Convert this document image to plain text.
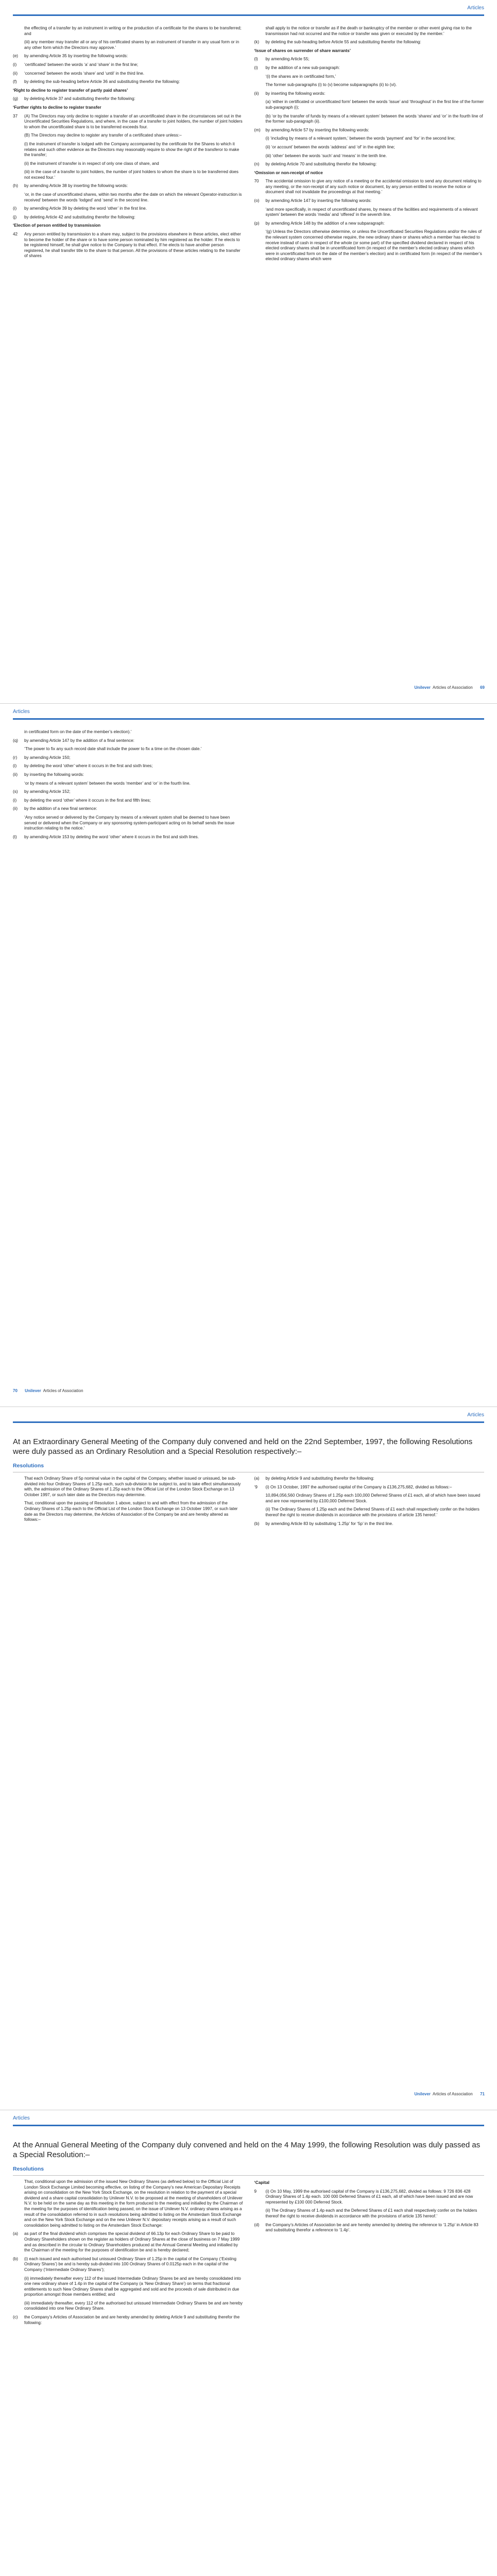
Articles
the effecting of a transfer by an instrument in writing or the production of a certificate for the shares to be transferred; and
(iii) any member may transfer all or any of his certificated shares by an instrument of transfer in any usual form or in any other form which the Directors may approve.’
(e)	by amending Article 35 by inserting the following words:
(i)	‘certificated’ between the words ‘a’ and ‘share’ in the first line;
(ii)	‘concerned’ between the words ‘share’ and ‘until’ in the third line.
(f)	by deleting the sub-heading before Article 36 and substituting therefor the following:
‘Right to decline to register transfer of partly paid shares’
(g)	by deleting Article 37 and substituting therefor the following:
‘Further rights to decline to register transfer
37	(A) The Directors may only decline to register a transfer of an uncertificated share in the circumstances set out in the Uncertificated Securities Regulations, and where, in the case of a transfer to joint holders, the number of joint holders to whom the uncertificated share is to be transferred exceeds four.
(B) The Directors may decline to register any transfer of a certificated share unless:–
(i) the instrument of transfer is lodged with the Company accompanied by the certificate for the Shares to which it relates and such other evidence as the Directors may reasonably require to show the right of the transferor to make the transfer;
(ii) the instrument of transfer is in respect of only one class of share, and
(iii) in the case of a transfer to joint holders, the number of joint holders to whom the share is to be transferred does not exceed four.’
(h)	by amending Article 38 by inserting the following words:
‘or, in the case of uncertificated shares, within two months after the date on which the relevant Operator-instruction is received’ between the words ‘lodged’ and ‘send’ in the second line.
(i)	by amending Article 39 by deleting the word ‘other’ in the first line.
(j)	by deleting Article 42 and substituting therefor the following:
‘Election of person entitled by transmission
42	Any person entitled by transmission to a share may, subject to the provisions elsewhere in these articles, elect either to become the holder of the share or to have some person nominated by him registered as the holder. If he elects to be registered himself, he shall give notice to the Company to that effect. If he elects to have another person registered, he shall transfer title to the share to that person. All the provisions of these articles relating to the transfer of shares
shall apply to the notice or transfer as if the death or bankruptcy of the member or other event giving rise to the transmission had not occurred and the notice or transfer was given or executed by the member.’
(k)	by deleting the sub-heading before Article 55 and substituting therefor the following:
‘Issue of shares on surrender of share warrants’
(l)	by amending Article 55;
(i)	by the addition of a new sub-paragraph:
‘(i) the shares are in certificated form,’
The former sub-paragraphs (i) to (v) become subparagraphs (ii) to (vi).
(ii)	by inserting the following words:
(a) ‘either in certificated or uncertificated form’ between the words ‘issue’ and ‘throughout’ in the first line of the former sub-paragraph (i);
(b) ‘or by the transfer of funds by means of a relevant system’ between the words ‘shares’ and ‘or’ in the fourth line of the former sub-paragraph (ii).
(m)	by amending Article 57 by inserting the following words:
(i) ‘including by means of a relevant system,’ between the words ‘payment’ and ‘for’ in the second line;
(ii) ‘or account’ between the words ‘address’ and ‘of’ in the eighth line;
(iii) ‘other’ between the words ‘such’ and ‘means’ in the tenth line.
(n)	by deleting Article 70 and substituting therefor the following:
‘Omission or non-receipt of notice
70	The accidental omission to give any notice of a meeting or the accidental omission to send any document relating to any meeting, or the non-receipt of any such notice or document, by any person entitled to receive the notice or document shall not invalidate the proceedings at that meeting.’
(o)	by amending Article 147 by inserting the following words:
‘and more specifically, in respect of uncertificated shares, by means of the facilities and requirements of a relevant system’ between the words ‘media’ and ‘offered’ in the seventh line.
(p)	by amending Article 148 by the addition of a new subparagraph:
‘(g) Unless the Directors otherwise determine, or unless the Uncertificated Securities Regulations and/or the rules of the relevant system concerned otherwise require, the new ordinary share or shares which a member has elected to receive instead of cash in respect of the whole (or some part) of the specified dividend declared in respect of his elected ordinary shares shall be in uncertificated form (in respect of the member’s elected ordinary shares which were in uncertificated form on the date of the member’s election) and in certificated form (in respect of the member’s elected ordinary shares which were
Unilever Articles of Association 69
Articles
in certificated form on the date of the member’s election).’
(q)	by amending Article 147 by the addition of a final sentence:
‘The power to fix any such record date shall include the power to fix a time on the chosen date.’
(r)	by amending Article 150;
(i)	by deleting the word ‘other’ where it occurs in the first and sixth lines;
(ii)	by inserting the following words:
‘or by means of a relevant system’ between the words ‘member’ and ‘or’ in the fourth line.
(s)	by amending Article 152;
(i)	by deleting the word ‘other’ where it occurs in the first and fifth lines;
(ii)	by the addition of a new final sentence:
‘Any notice served or delivered by the Company by means of a relevant system shall be deemed to have been served or delivered when the Company or any sponsoring system-participant acting on its behalf sends the issue instruction relating to the notice.’
(t)	by amending Article 153 by deleting the word ‘other’ where it occurs in the first and sixth lines.
70 Unilever Articles of Association
Articles
At an Extraordinary General Meeting of the Company duly convened and held on the 22nd September, 1997, the following Resolutions were duly passed as an Ordinary Resolution and a Special Resolution respectively:–
Resolutions
That each Ordinary Share of 5p nominal value in the capital of the Company, whether issued or unissued, be sub-divided into four Ordinary Shares of 1.25p each, such sub-division to be subject to, and to take effect simultaneously with, the admission of the Ordinary Shares of 1.25p each to the Official List of the London Stock Exchange on 13 October 1997, or such later date as the Directors may determine.
That, conditional upon the passing of Resolution 1 above, subject to and with effect from the admission of the Ordinary Shares of 1.25p each to the Official List of the London Stock Exchange on 13 October 1997, or such later date as the Directors may determine, the Articles of Association of the Company be and are hereby altered as follows:–
(a)	by deleting Article 9 and substituting therefor the following:
‘9	(i) On 13 October, 1997 the authorised capital of the Company is £136,275,682, divided as follows:–
10,894,056,560 Ordinary Shares of 1.25p each 100,000 Deferred Shares of £1 each, all of which have been issued and are now represented by £100,000 Deferred Stock.
(ii) The Ordinary Shares of 1.25p each and the Deferred Shares of £1 each shall respectively confer on the holders thereof the right to receive dividends in accordance with the provisions of article 135 hereof.’
(b)	by amending Article 83 by substituting ‘1.25p’ for ‘5p’ in the third line.
Unilever Articles of Association 71
Articles
At the Annual General Meeting of the Company duly convened and held on the 4 May 1999, the following Resolution was duly passed as a Special Resolution:–
Resolutions
That, conditional upon the admission of the issued New Ordinary Shares (as defined below) to the Official List of London Stock Exchange Limited becoming effective, on listing of the Company’s new American Depositary Receipts arising on consolidation on the New York Stock Exchange, on the resolution in relation to the payment of a special dividend and a share capital consolidation by Unilever N.V. to be proposed at the meeting of shareholders of Unilever N.V. to be held on the same day as this meeting in the form produced to the meeting and initialled by the Chairman of the meeting for the purposes of identification being passed, on the issue of Unilever N.V. ordinary shares arising as a result of the consolidation referred to in such resolutions being admitted to listing on the Amsterdam Stock Exchange and on the New York Stock Exchange and on the new Unilever N.V. depositary receipts arising as a result of such consolidation being admitted to listing on the Amsterdam Stock Exchange:
(a)	as part of the final dividend which comprises the special dividend of 66.13p for each Ordinary Share to be paid to Ordinary Shareholders shown on the register as holders of Ordinary Shares at the close of business on 7 May 1999 and as described in the circular to Ordinary Shareholders produced at the Annual General Meeting and initialled by the Chairman of the meeting for the purposes of identification be and is hereby declared;
(b)	(i) each issued and each authorised but unissued Ordinary Share of 1.25p in the capital of the Company (‘Existing Ordinary Shares’) be and is hereby sub-divided into 100 Ordinary Shares of 0.0125p each in the capital of the Company (‘Intermediate Ordinary Shares’);
(ii) immediately thereafter every 112 of the issued Intermediate Ordinary Shares be and are hereby consolidated into one new ordinary share of 1.4p in the capital of the Company (a ‘New Ordinary Share’) on terms that fractional entitlements to such New Ordinary Shares shall be aggregated and sold and the proceeds of sale distributed in due proportion amongst those members entitled; and
(iii) immediately thereafter, every 112 of the authorised but unissued Intermediate Ordinary Shares be and are hereby consolidated into one New Ordinary Share.
(c)	the Company’s Articles of Association be and are hereby amended by deleting Article 9 and substituting therefor the following:
‘Capital
9	(i) On 10 May, 1999 the authorised capital of the Company is £136,275,682, divided as follows: 9 726 836 428 Ordinary Shares of 1.4p each. 100 000 Deferred Shares of £1 each, all of which have been issued and are now represented by £100 000 Deferred Stock.
(ii) The Ordinary Shares of 1.4p each and the Deferred Shares of £1 each shall respectively confer on the holders thereof the right to receive dividends in accordance with the provisions of article 135 hereof.’
(d)	the Company’s Articles of Association be and are hereby amended by deleting the reference to ‘1.25p’ in Article 83 and substituting therefor a reference to ‘1.4p’.
